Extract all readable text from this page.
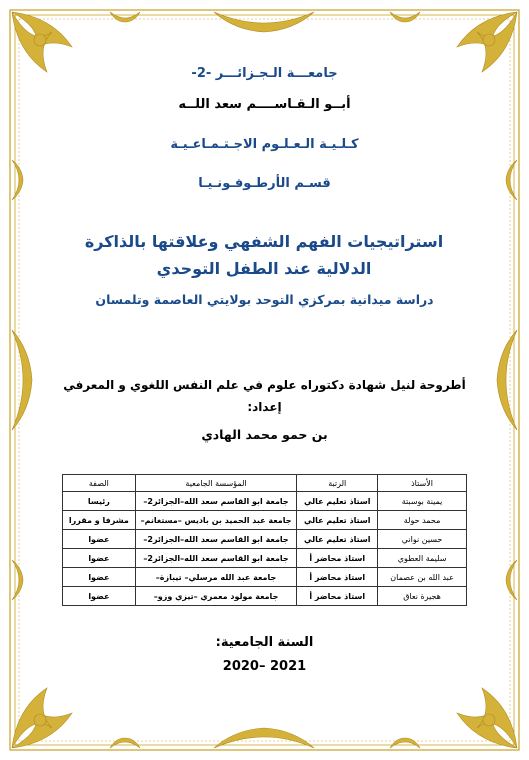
جامعـــة الـجـزائـــر -2-
أبــو الـقـاســــم سعد اللــه
كـلـيـة الـعـلـوم الاجـتـمـاعـيـة
قسـم الأرطـوفـونـيـا
استراتيجيات الفهم الشفهي وعلاقتها بالذاكرة الدلالية عند الطفل التوحدي
دراسة ميدانية بمركزي التوحد بولايتي العاصمة وتلمسان
أطروحة لنيل شهادة دكتوراه علوم في علم النفس اللغوي و المعرفي
إعداد:
بن حمو محمد الهادي
الأستاذ	الرتبة	المؤسسة الجامعية	الصفة
يمينة بوسبتة	استاذ تعليم عالي	جامعة ابو القاسم سعد الله–الجزائر2–	رئيسا
محمد حولة	استاذ تعليم عالي	جامعة عبد الحميد بن باديس –مستغانم–	مشرفا و مقررا
حسين نواني	استاذ تعليم عالي	جامعة ابو القاسم سعد الله–الجزائر2–	عضوا
سليمة العطوي	استاذ محاضر أ	جامعة ابو القاسم سعد الله–الجزائر2–	عضوا
عبد الله بن عصمان	استاذ محاضر أ	جامعة عبد الله مرسلي– تيبازة–	عضوا
هجيرة نعاق	استاذ محاضر أ	جامعة مولود معمري –تيزي وزو–	عضوا
السنة الجامعية:
2020– 2021
